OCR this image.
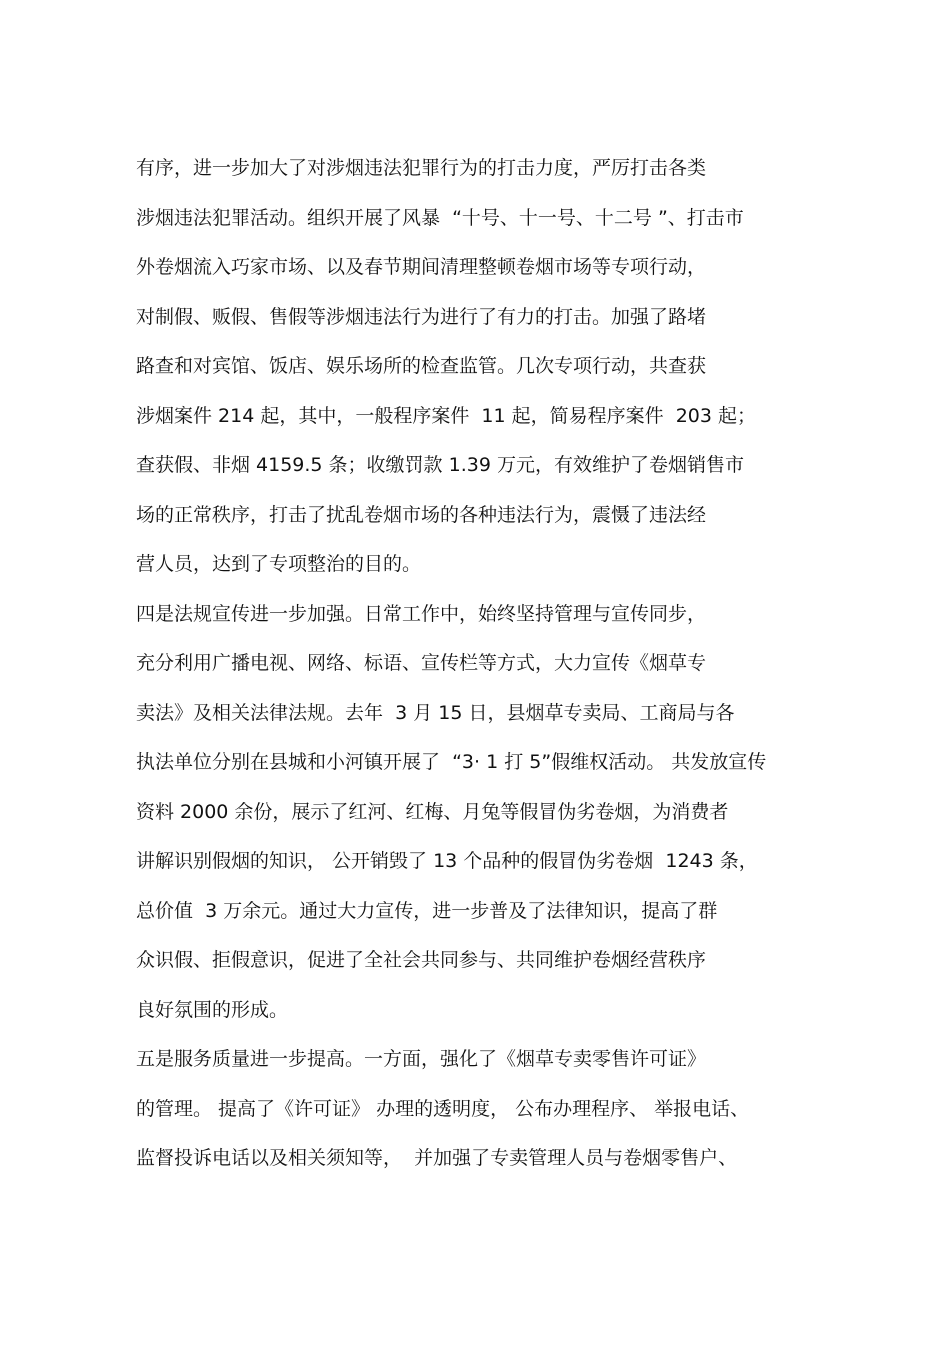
有序，进一步加大了对涉烟违法犯罪行为的打击力度，严厉打击各类
涉烟违法犯罪活动。组织开展了风暴  “十号、十一号、十二号 ”、打击市
外卷烟流入巧家市场、以及春节期间清理整顿卷烟市场等专项行动，
对制假、贩假、售假等涉烟违法行为进行了有力的打击。加强了路堵
路查和对宾馆、饭店、娱乐场所的检查监管。几次专项行动，共查获
涉烟案件 214 起，其中，一般程序案件  11 起，简易程序案件  203 起；
查获假、非烟 4159.5 条；收缴罚款 1.39 万元，有效维护了卷烟销售市
场的正常秩序，打击了扰乱卷烟市场的各种违法行为，震慑了违法经
营人员，达到了专项整治的目的。
四是法规宣传进一步加强。日常工作中，始终坚持管理与宣传同步，
充分利用广播电视、网络、标语、宣传栏等方式，大力宣传《烟草专
卖法》及相关法律法规。去年  3 月 15 日，县烟草专卖局、工商局与各
执法单位分别在县城和小河镇开展了  “3· 1 打 5”假维权活动。 共发放宣传
资料 2000 余份，展示了红河、红梅、月兔等假冒伪劣卷烟，为消费者
讲解识别假烟的知识， 公开销毁了 13 个品种的假冒伪劣卷烟  1243 条，
总价值  3 万余元。通过大力宣传，进一步普及了法律知识，提高了群
众识假、拒假意识，促进了全社会共同参与、共同维护卷烟经营秩序
良好氛围的形成。
五是服务质量进一步提高。一方面，强化了《烟草专卖零售许可证》
的管理。 提高了《许可证》 办理的透明度， 公布办理程序、 举报电话、
监督投诉电话以及相关须知等，  并加强了专卖管理人员与卷烟零售户、
